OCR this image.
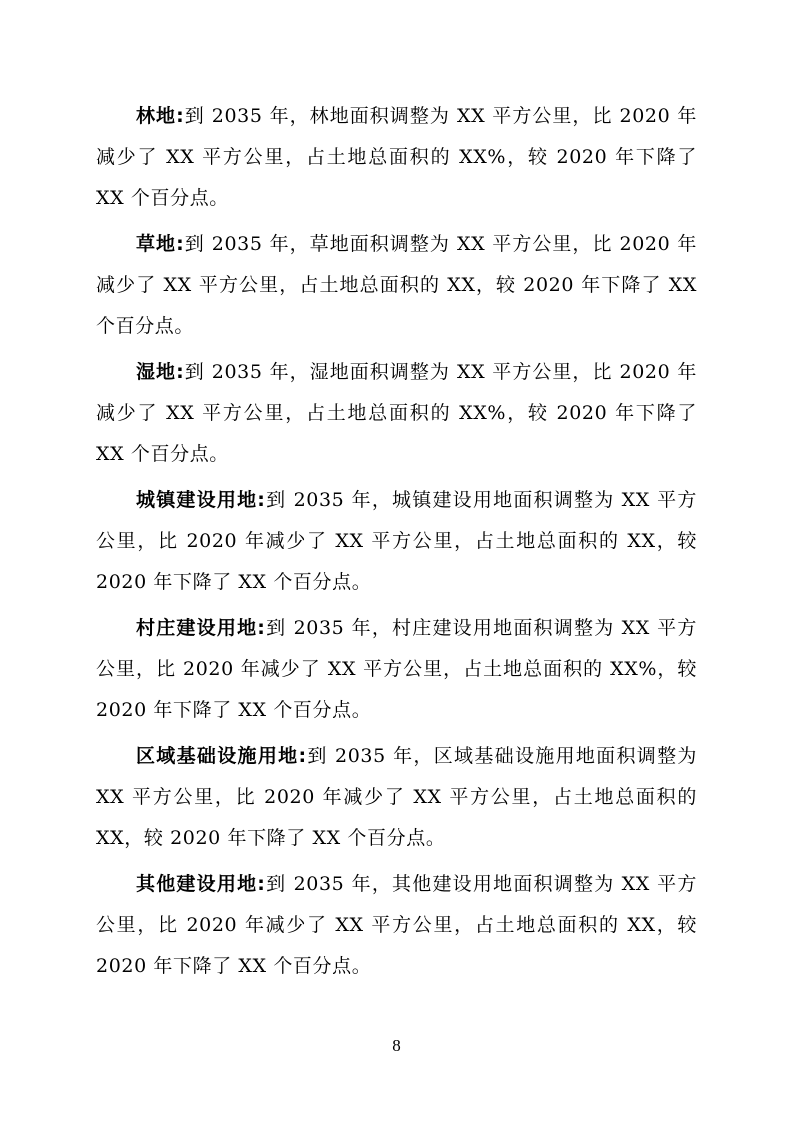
林地:到 2035 年，林地面积调整为 XX 平方公里，比 2020 年减少了 XX 平方公里，占土地总面积的 XX%，较 2020 年下降了 XX 个百分点。

草地:到 2035 年，草地面积调整为 XX 平方公里，比 2020 年减少了 XX 平方公里，占土地总面积的 XX，较 2020 年下降了 XX 个百分点。

湿地:到 2035 年，湿地面积调整为 XX 平方公里，比 2020 年减少了 XX 平方公里，占土地总面积的 XX%，较 2020 年下降了 XX 个百分点。

城镇建设用地:到 2035 年，城镇建设用地面积调整为 XX 平方公里，比 2020 年减少了 XX 平方公里，占土地总面积的 XX，较 2020 年下降了 XX 个百分点。

村庄建设用地:到 2035 年，村庄建设用地面积调整为 XX 平方公里，比 2020 年减少了 XX 平方公里，占土地总面积的 XX%，较 2020 年下降了 XX 个百分点。

区域基础设施用地:到 2035 年，区域基础设施用地面积调整为 XX 平方公里，比 2020 年减少了 XX 平方公里，占土地总面积的 XX，较 2020 年下降了 XX 个百分点。

其他建设用地:到 2035 年，其他建设用地面积调整为 XX 平方公里，比 2020 年减少了 XX 平方公里，占土地总面积的 XX，较 2020 年下降了 XX 个百分点。

8
